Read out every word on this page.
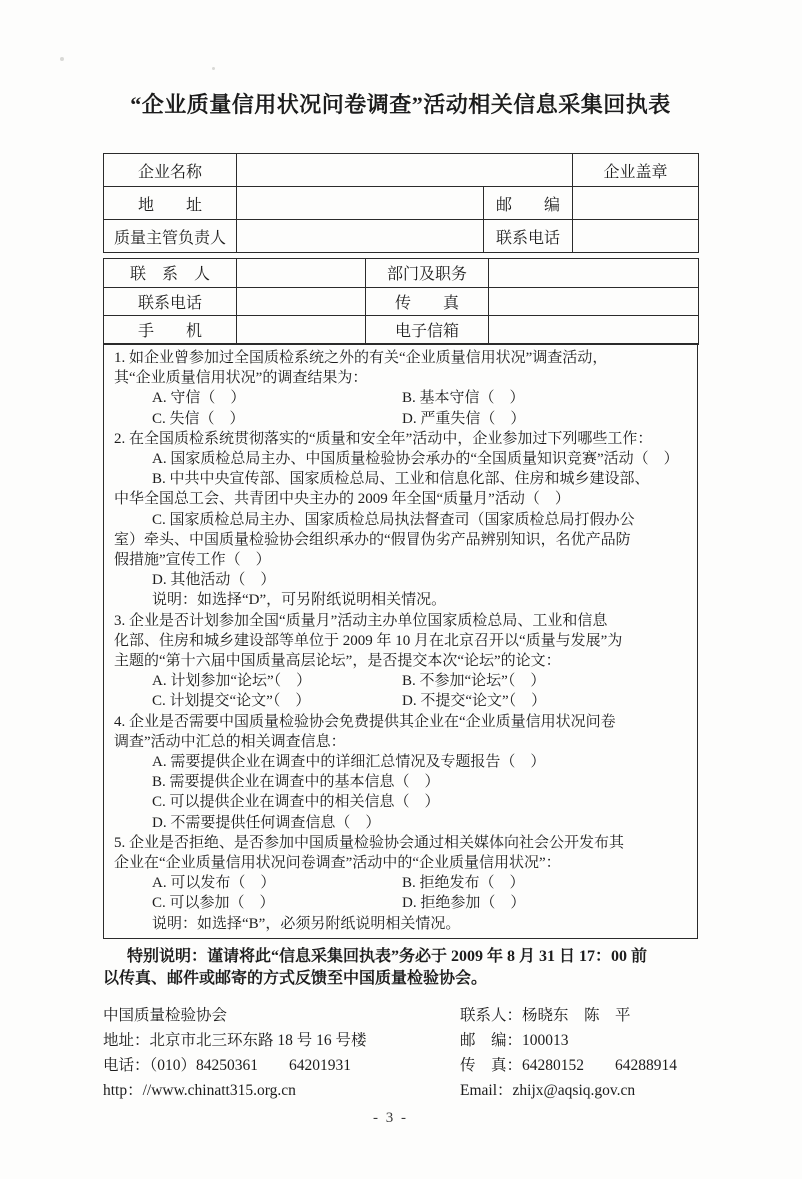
“企业质量信用状况问卷调查”活动相关信息采集回执表
企业名称			企业盖章
地　　址		邮　　编	
质量主管负责人		联系电话	
联　系　人		部门及职务	
联系电话		传　　真	
手　　机		电子信箱	
1. 如企业曾参加过全国质检系统之外的有关“企业质量信用状况”调查活动，
其“企业质量信用状况”的调查结果为：
A. 守信（　）	B. 基本守信（　）
C. 失信（　）	D. 严重失信（　）
2. 在全国质检系统贯彻落实的“质量和安全年”活动中，企业参加过下列哪些工作：
A. 国家质检总局主办、中国质量检验协会承办的“全国质量知识竞赛”活动（　）
B. 中共中央宣传部、国家质检总局、工业和信息化部、住房和城乡建设部、
中华全国总工会、共青团中央主办的 2009 年全国“质量月”活动（　）
C. 国家质检总局主办、国家质检总局执法督查司（国家质检总局打假办公
室）牵头、中国质量检验协会组织承办的“假冒伪劣产品辨别知识，名优产品防
假措施”宣传工作（　）
D. 其他活动（　）
说明：如选择“D”，可另附纸说明相关情况。
3. 企业是否计划参加全国“质量月”活动主办单位国家质检总局、工业和信息
化部、住房和城乡建设部等单位于 2009 年 10 月在北京召开以“质量与发展”为
主题的“第十六届中国质量高层论坛”，是否提交本次“论坛”的论文：
A. 计划参加“论坛”（　）	B. 不参加“论坛”（　）
C. 计划提交“论文”（　）	D. 不提交“论文”（　）
4. 企业是否需要中国质量检验协会免费提供其企业在“企业质量信用状况问卷
调查”活动中汇总的相关调查信息：
A. 需要提供企业在调查中的详细汇总情况及专题报告（　）
B. 需要提供企业在调查中的基本信息（　）
C. 可以提供企业在调查中的相关信息（　）
D. 不需要提供任何调查信息（　）
5. 企业是否拒绝、是否参加中国质量检验协会通过相关媒体向社会公开发布其
企业在“企业质量信用状况问卷调查”活动中的“企业质量信用状况”：
A. 可以发布（　）	B. 拒绝发布（　）
C. 可以参加（　）	D. 拒绝参加（　）
说明：如选择“B”，必须另附纸说明相关情况。
特别说明：谨请将此“信息采集回执表”务必于 2009 年 8 月 31 日 17：00 前
以传真、邮件或邮寄的方式反馈至中国质量检验协会。
中国质量检验协会
地址：北京市北三环东路 18 号 16 号楼
电话：（010）84250361　　64201931
http：//www.chinatt315.org.cn
联系人：杨晓东　陈　平
邮　编：100013
传　真：64280152　　64288914
Email：zhijx@aqsiq.gov.cn
- 3 -
